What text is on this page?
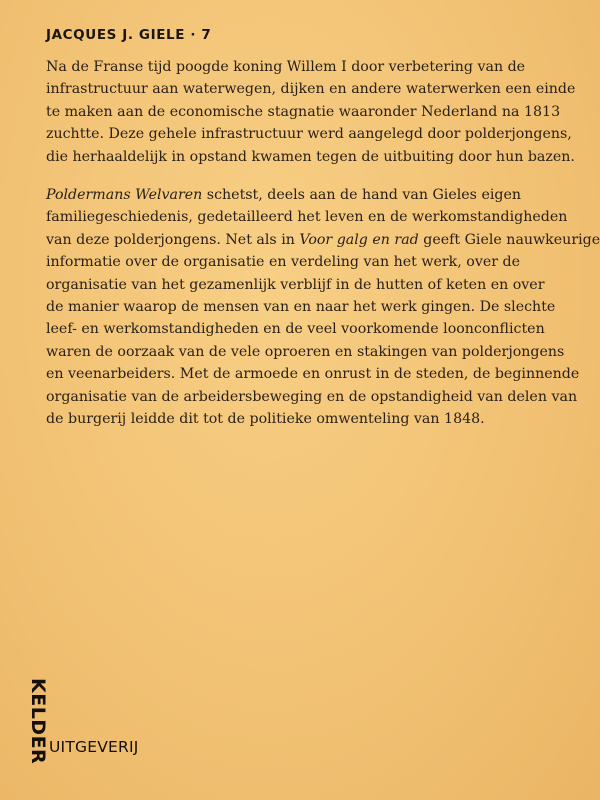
JACQUES J. GIELE · 7
Na de Franse tijd poogde koning Willem I door verbetering van de
infrastructuur aan waterwegen, dijken en andere waterwerken een einde
te maken aan de economische stagnatie waaronder Nederland na 1813
zuchtte. Deze gehele infrastructuur werd aangelegd door polderjongens,
die herhaaldelijk in opstand kwamen tegen de uitbuiting door hun bazen.
Poldermans Welvaren schetst, deels aan de hand van Gieles eigen
familiegeschiedenis, gedetailleerd het leven en de werkomstandigheden
van deze polderjongens. Net als in Voor galg en rad geeft Giele nauwkeurige
informatie over de organisatie en verdeling van het werk, over de
organisatie van het gezamenlijk verblijf in de hutten of keten en over
de manier waarop de mensen van en naar het werk gingen. De slechte
leef- en werkomstandigheden en de veel voorkomende loonconflicten
waren de oorzaak van de vele oproeren en stakingen van polderjongens
en veenarbeiders. Met de armoede en onrust in de steden, de beginnende
organisatie van de arbeidersbeweging en de opstandigheid van delen van
de burgerij leidde dit tot de politieke omwenteling van 1848.
KELDER UITGEVERIJ
